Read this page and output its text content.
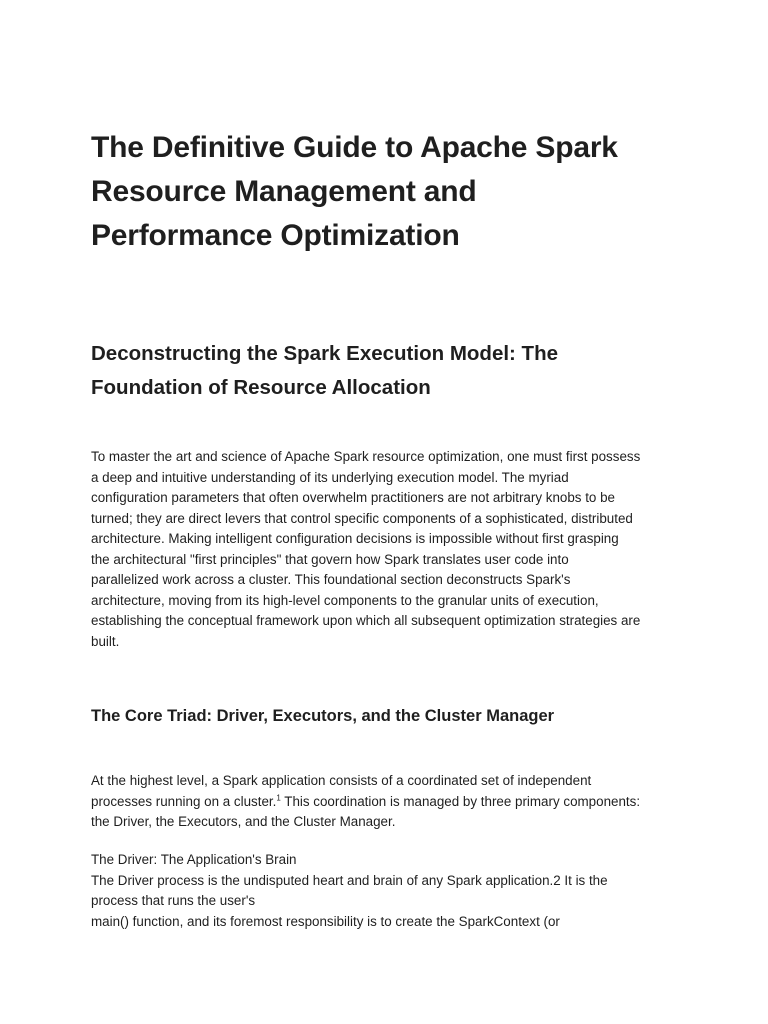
The Definitive Guide to Apache Spark
Resource Management and
Performance Optimization
Deconstructing the Spark Execution Model: The
Foundation of Resource Allocation

To master the art and science of Apache Spark resource optimization, one must first possess
a deep and intuitive understanding of its underlying execution model. The myriad
configuration parameters that often overwhelm practitioners are not arbitrary knobs to be
turned; they are direct levers that control specific components of a sophisticated, distributed
architecture. Making intelligent configuration decisions is impossible without first grasping
the architectural "first principles" that govern how Spark translates user code into
parallelized work across a cluster. This foundational section deconstructs Spark's
architecture, moving from its high-level components to the granular units of execution,
establishing the conceptual framework upon which all subsequent optimization strategies are
built.

The Core Triad: Driver, Executors, and the Cluster Manager

At the highest level, a Spark application consists of a coordinated set of independent
processes running on a cluster.$^1$ This coordination is managed by three primary components:
the Driver, the Executors, and the Cluster Manager.

The Driver: The Application's Brain
The Driver process is the undisputed heart and brain of any Spark application.2 It is the
process that runs the user's
main() function, and its foremost responsibility is to create the SparkContext (or
